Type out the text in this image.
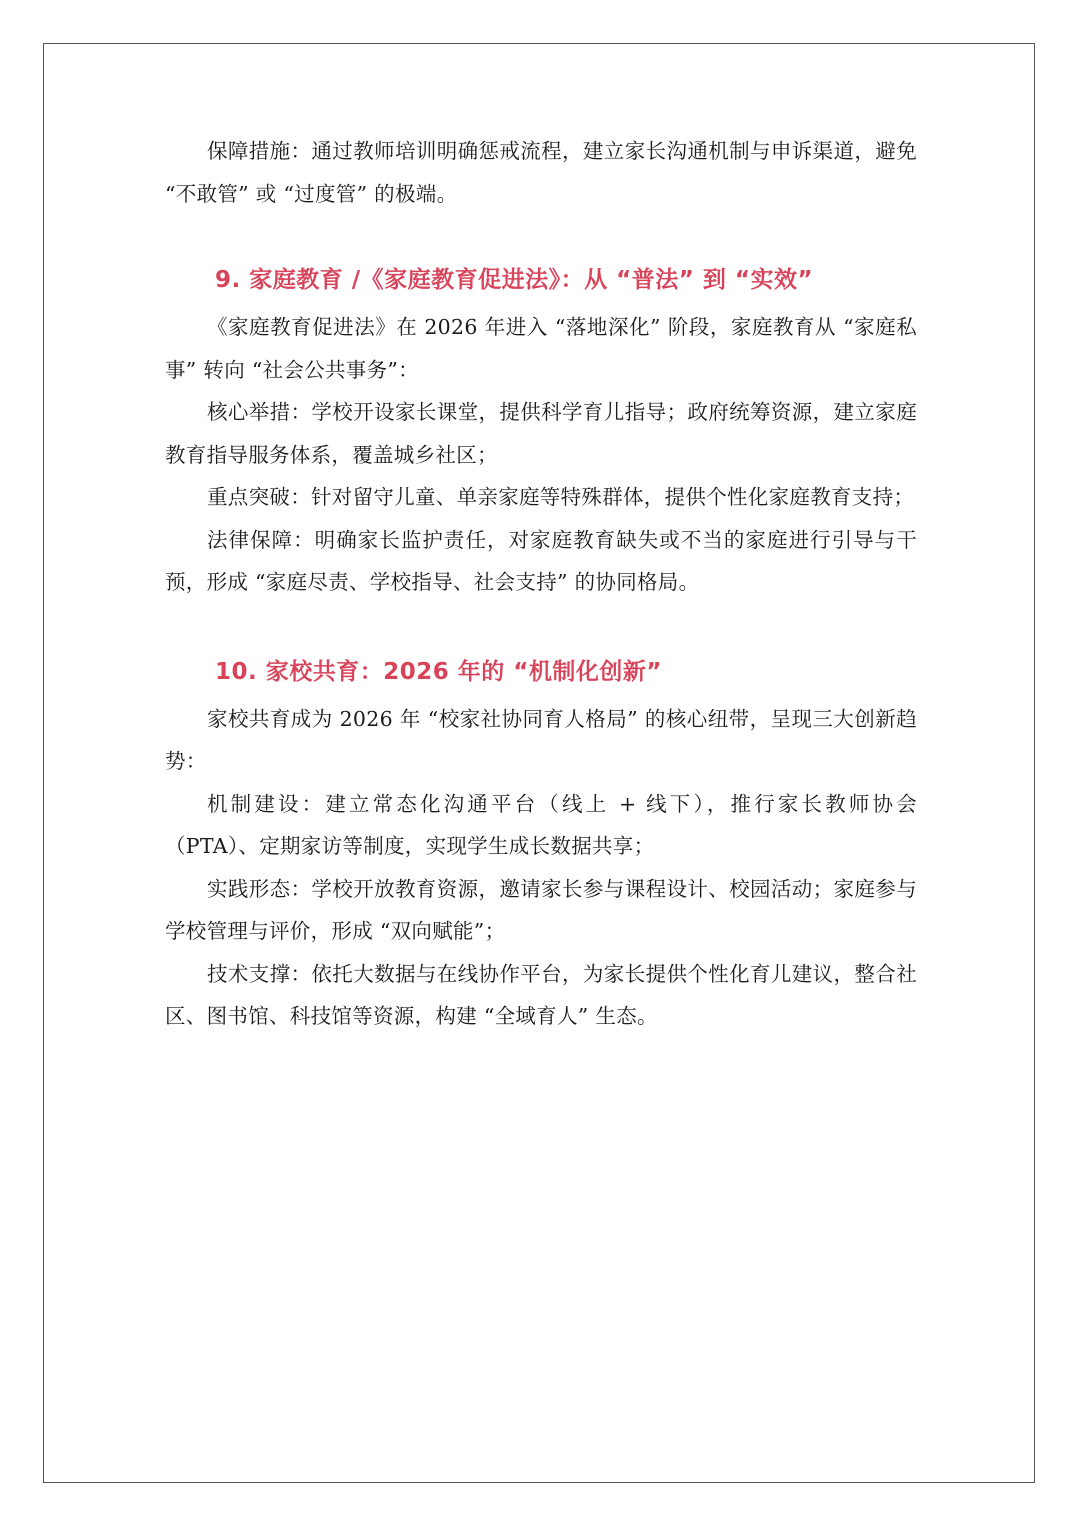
保障措施：通过教师培训明确惩戒流程，建立家长沟通机制与申诉渠道，避免 “不敢管” 或 “过度管” 的极端。

9. 家庭教育 /《家庭教育促进法》：从 “普法” 到 “实效”

《家庭教育促进法》在 2026 年进入 “落地深化” 阶段，家庭教育从 “家庭私事” 转向 “社会公共事务”：

核心举措：学校开设家长课堂，提供科学育儿指导；政府统筹资源，建立家庭教育指导服务体系，覆盖城乡社区；

重点突破：针对留守儿童、单亲家庭等特殊群体，提供个性化家庭教育支持；

法律保障：明确家长监护责任，对家庭教育缺失或不当的家庭进行引导与干预，形成 “家庭尽责、学校指导、社会支持” 的协同格局。

10. 家校共育：2026 年的 “机制化创新”

家校共育成为 2026 年 “校家社协同育人格局” 的核心纽带，呈现三大创新趋势：

机制建设：建立常态化沟通平台（线上 + 线下），推行家长教师协会（PTA）、定期家访等制度，实现学生成长数据共享；

实践形态：学校开放教育资源，邀请家长参与课程设计、校园活动；家庭参与学校管理与评价，形成 “双向赋能”；

技术支撑：依托大数据与在线协作平台，为家长提供个性化育儿建议，整合社区、图书馆、科技馆等资源，构建 “全域育人” 生态。
